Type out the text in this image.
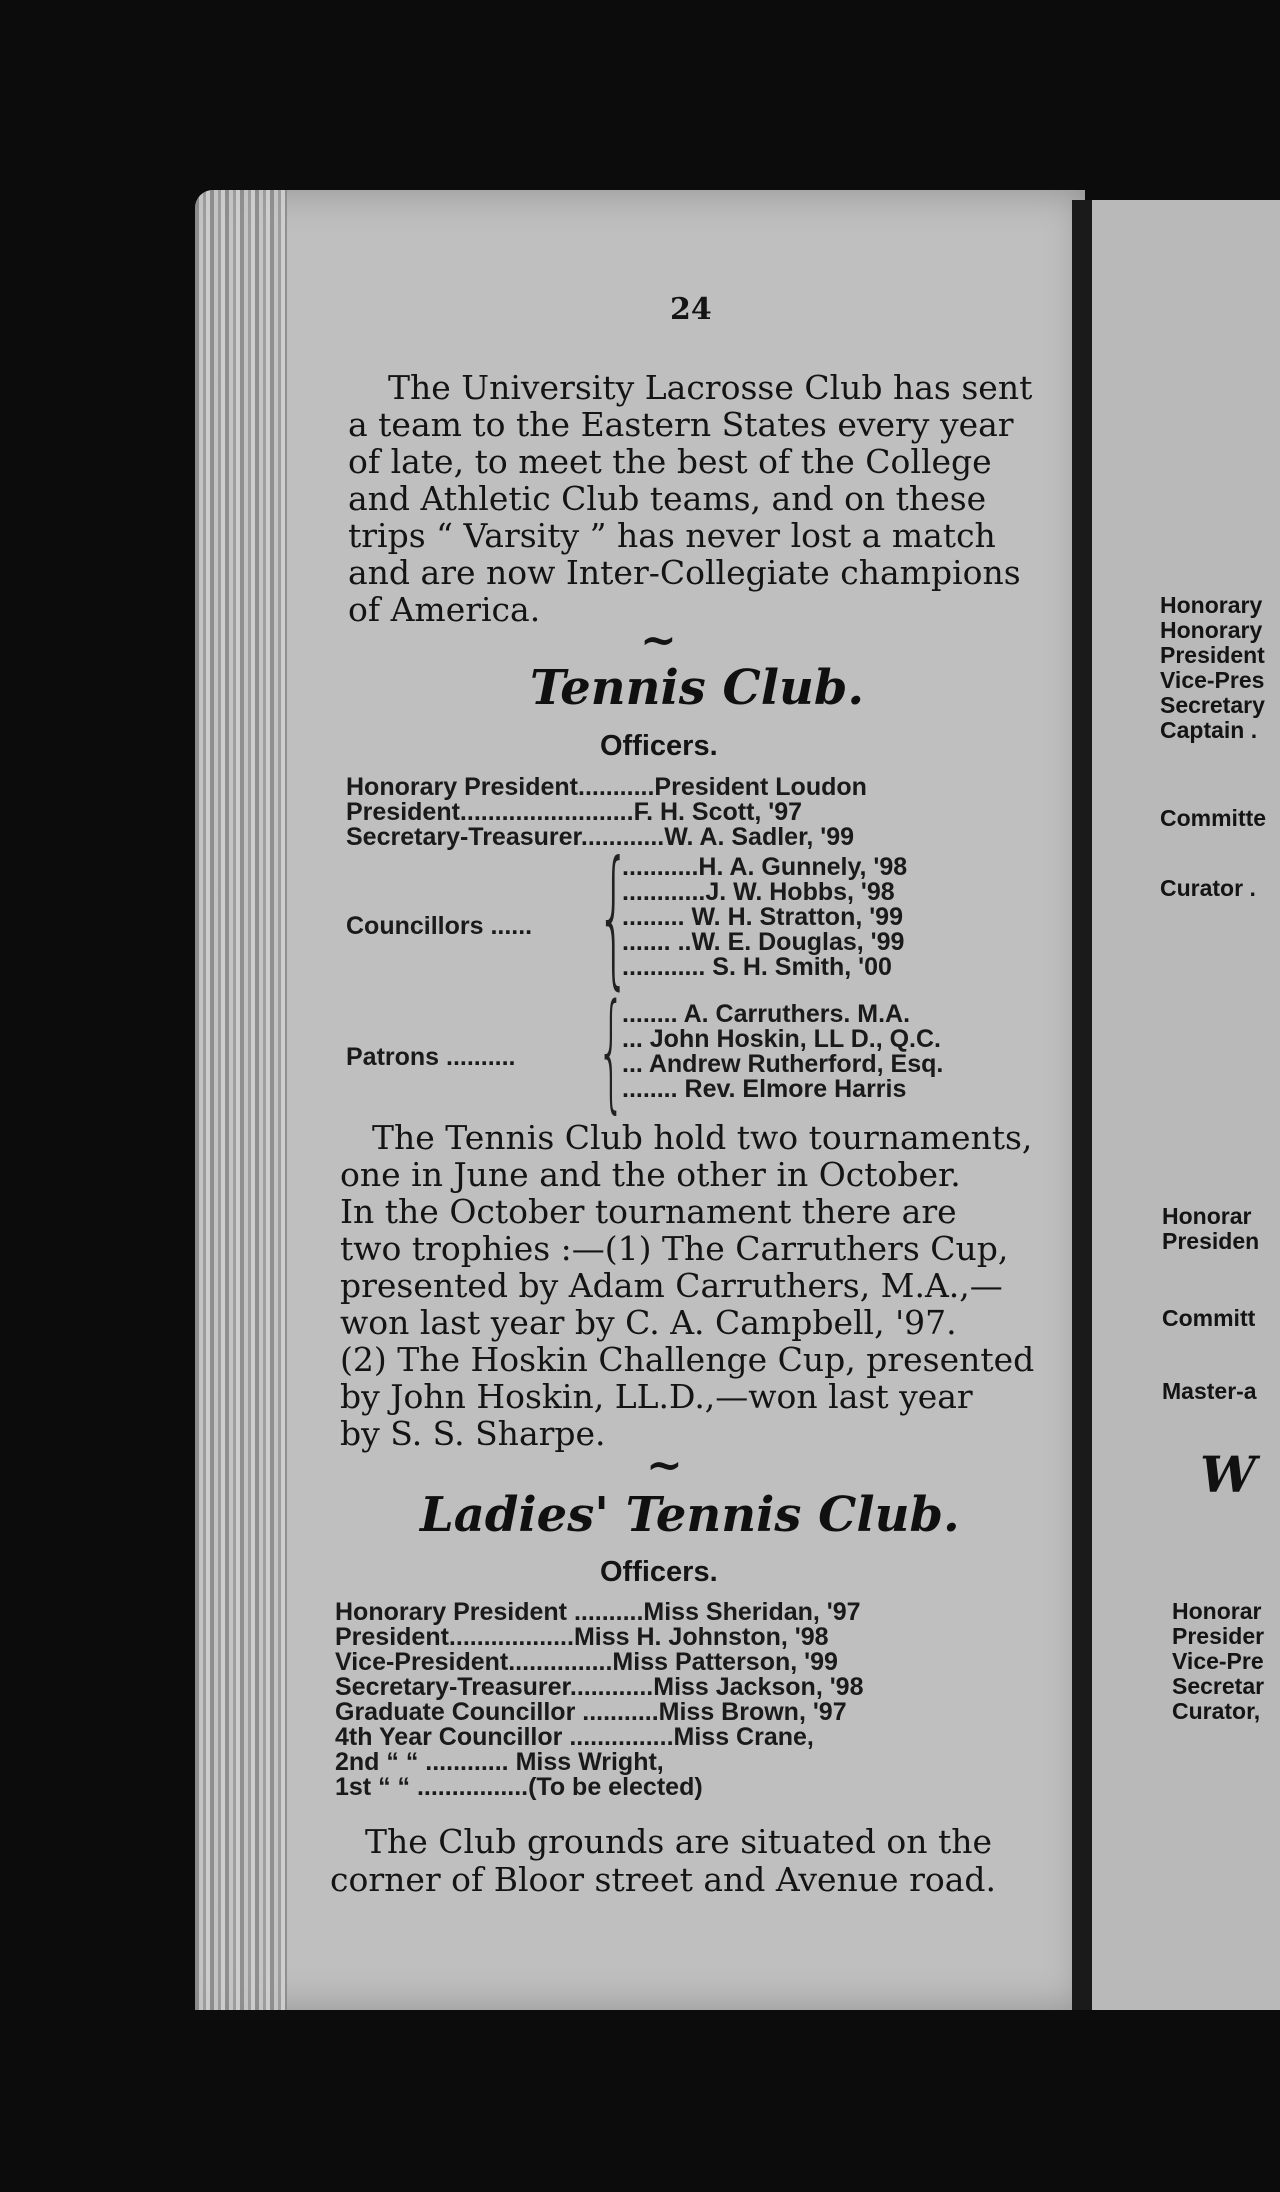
24
The University Lacrosse Club has sent
a team to the Eastern States every year
of late, to meet the best of the College
and Athletic Club teams, and on these
trips “ Varsity ” has never lost a match
and are now Inter-Collegiate champions
of America.
~
Tennis Club.
Officers.
Honorary President...........President Loudon
President.........................F. H. Scott, '97
Secretary-Treasurer............W. A. Sadler, '99
Councillors ...... {
...........H. A. Gunnely, '98
............J. W. Hobbs, '98
......... W. H. Stratton, '99
....... ..W. E. Douglas, '99
............ S. H. Smith, '00
Patrons .......... {
........ A. Carruthers. M.A.
... John Hoskin, LL D., Q.C.
... Andrew Rutherford, Esq.
........ Rev. Elmore Harris
The Tennis Club hold two tournaments,
one in June and the other in October.
In the October tournament there are
two trophies :—(1) The Carruthers Cup,
presented by Adam Carruthers, M.A.,—
won last year by C. A. Campbell, '97.
(2) The Hoskin Challenge Cup, presented
by John Hoskin, LL.D.,—won last year
by S. S. Sharpe.
~
Ladies' Tennis Club.
Officers.
Honorary President ..........Miss Sheridan, '97
President..................Miss H. Johnston, '98
Vice-President...............Miss Patterson, '99
Secretary-Treasurer............Miss Jackson, '98
Graduate Councillor ...........Miss Brown, '97
4th Year Councillor ...............Miss Crane,
2nd “ “ ............ Miss Wright,
1st “ “ ................(To be elected)
The Club grounds are situated on the
corner of Bloor street and Avenue road.
Honorary
Honorary
President
Vice-Pres
Secretary
Captain .
Committe
Curator .
Honorar
Presiden
Committ
Master-a
W
Honorar
Presider
Vice-Pre
Secretar
Curator,
